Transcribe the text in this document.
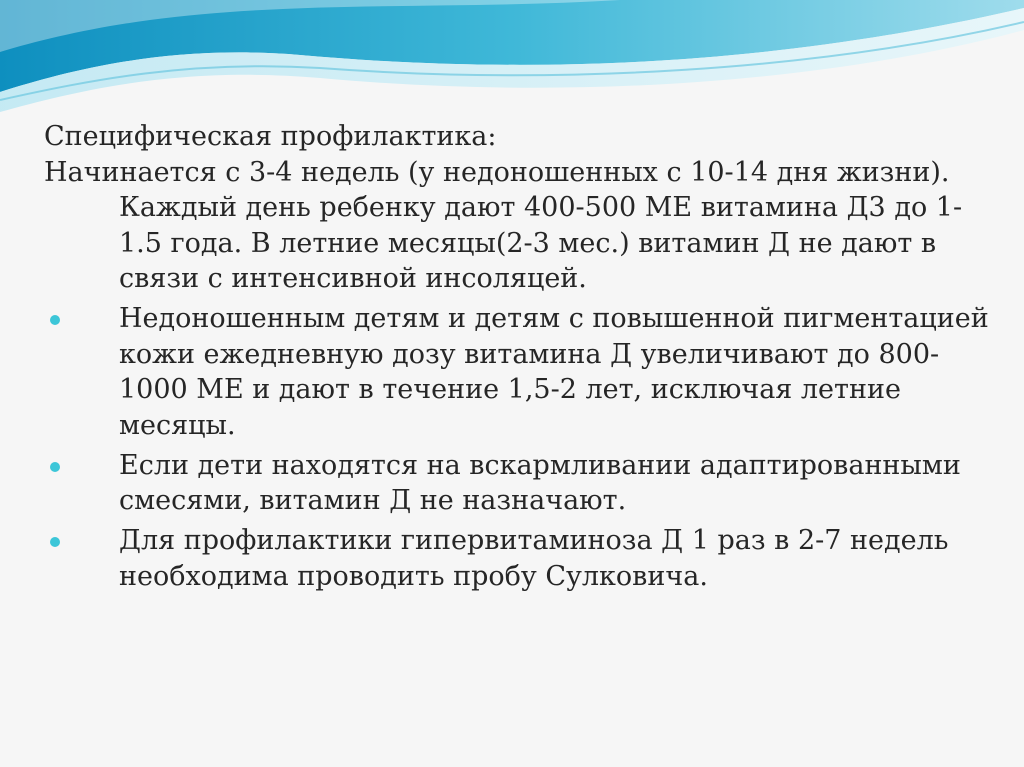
Специфическая профилактика:

Начинается с 3-4 недель (у недоношенных с 10-14 дня жизни). Каждый день ребенку дают 400-500 МЕ витамина Д3 до 1- 1.5 года. В летние месяцы(2-3 мес.) витамин Д не дают в связи с интенсивной инсоляцей.

Недоношенным детям и детям с повышенной пигментацией кожи ежедневную дозу витамина Д увеличивают до 800-1000 МЕ и дают в течение 1,5-2 лет, исключая летние месяцы.
Если дети находятся на вскармливании адаптированными смесями, витамин Д не назначают.
Для профилактики гипервитаминоза Д 1 раз в 2-7 недель необходима проводить пробу Сулковича.
